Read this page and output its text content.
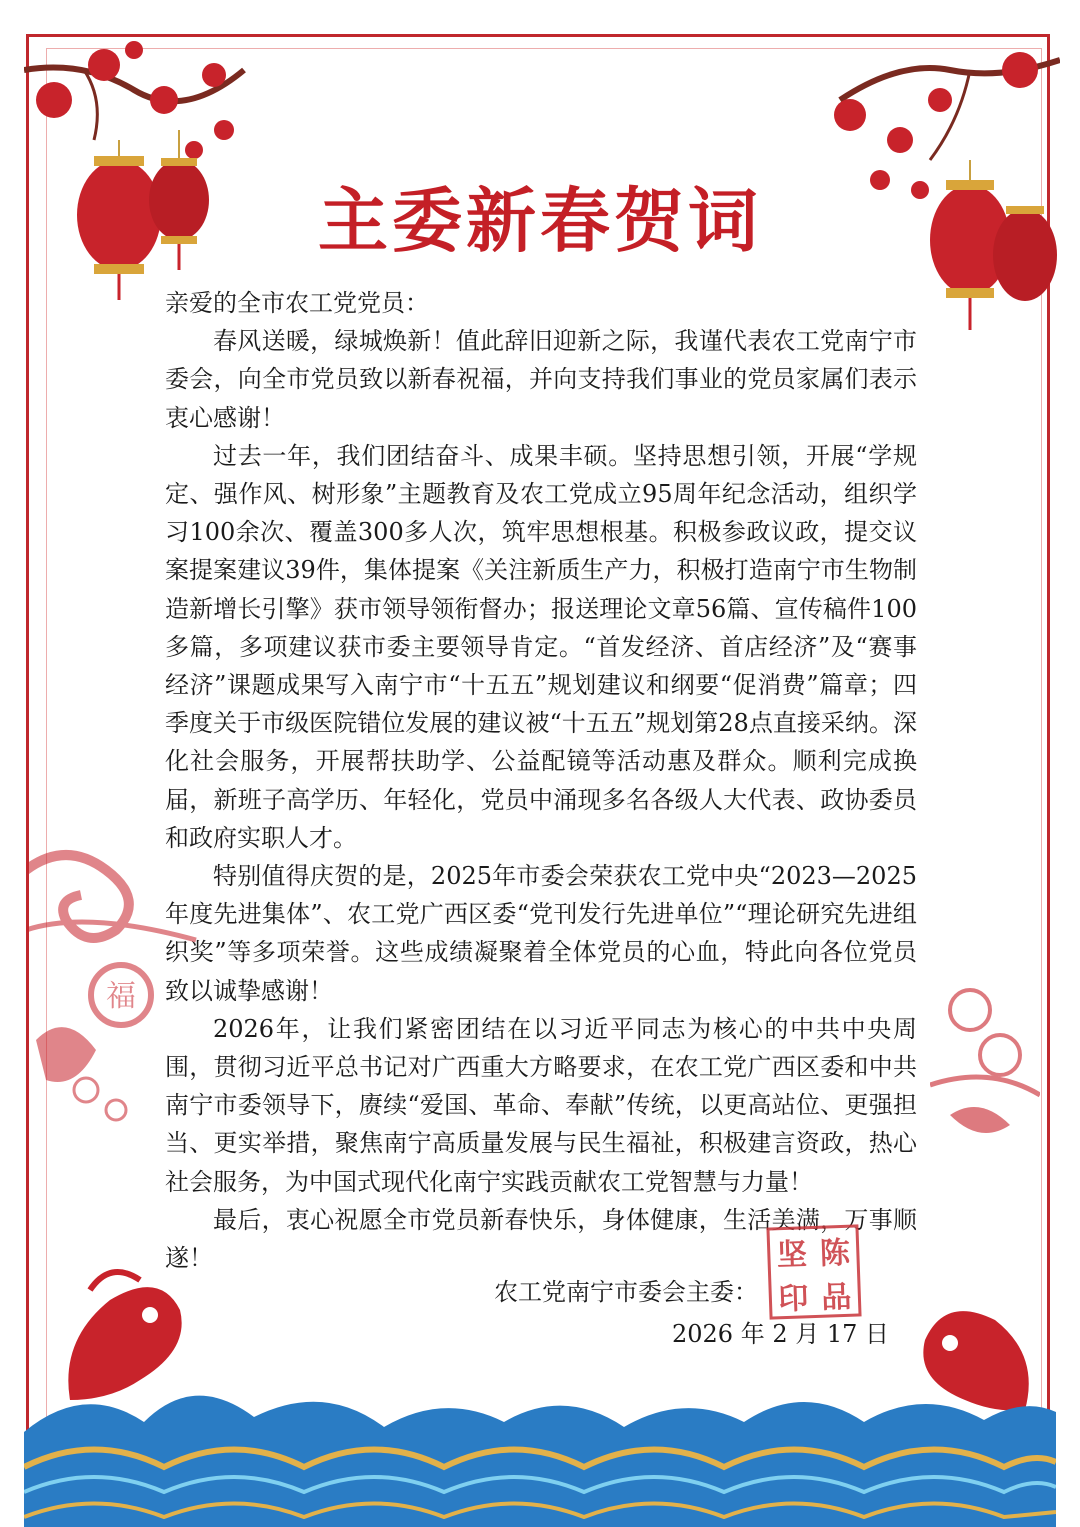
主委新春贺词

亲爱的全市农工党党员：

春风送暖，绿城焕新！值此辞旧迎新之际，我谨代表农工党南宁市委会，向全市党员致以新春祝福，并向支持我们事业的党员家属们表示衷心感谢！

过去一年，我们团结奋斗、成果丰硕。坚持思想引领，开展“学规定、强作风、树形象”主题教育及农工党成立95周年纪念活动，组织学习100余次、覆盖300多人次，筑牢思想根基。积极参政议政，提交议案提案建议39件，集体提案《关注新质生产力，积极打造南宁市生物制造新增长引擎》获市领导领衔督办；报送理论文章56篇、宣传稿件100多篇，多项建议获市委主要领导肯定。“首发经济、首店经济”及“赛事经济”课题成果写入南宁市“十五五”规划建议和纲要“促消费”篇章；四季度关于市级医院错位发展的建议被“十五五”规划第28点直接采纳。深化社会服务，开展帮扶助学、公益配镜等活动惠及群众。顺利完成换届，新班子高学历、年轻化，党员中涌现多名各级人大代表、政协委员和政府实职人才。

特别值得庆贺的是，2025年市委会荣获农工党中央“2023—2025年度先进集体”、农工党广西区委“党刊发行先进单位”“理论研究先进组织奖”等多项荣誉。这些成绩凝聚着全体党员的心血，特此向各位党员致以诚挚感谢！

2026年，让我们紧密团结在以习近平同志为核心的中共中央周围，贯彻习近平总书记对广西重大方略要求，在农工党广西区委和中共南宁市委领导下，赓续“爱国、革命、奉献”传统，以更高站位、更强担当、更实举措，聚焦南宁高质量发展与民生福祉，积极建言资政，热心社会服务，为中国式现代化南宁实践贡献农工党智慧与力量！

最后，衷心祝愿全市党员新春快乐，身体健康，生活美满，万事顺遂！

福
农工党南宁市委会主委：
坚 陈
印 品
2026 年 2 月 17 日
